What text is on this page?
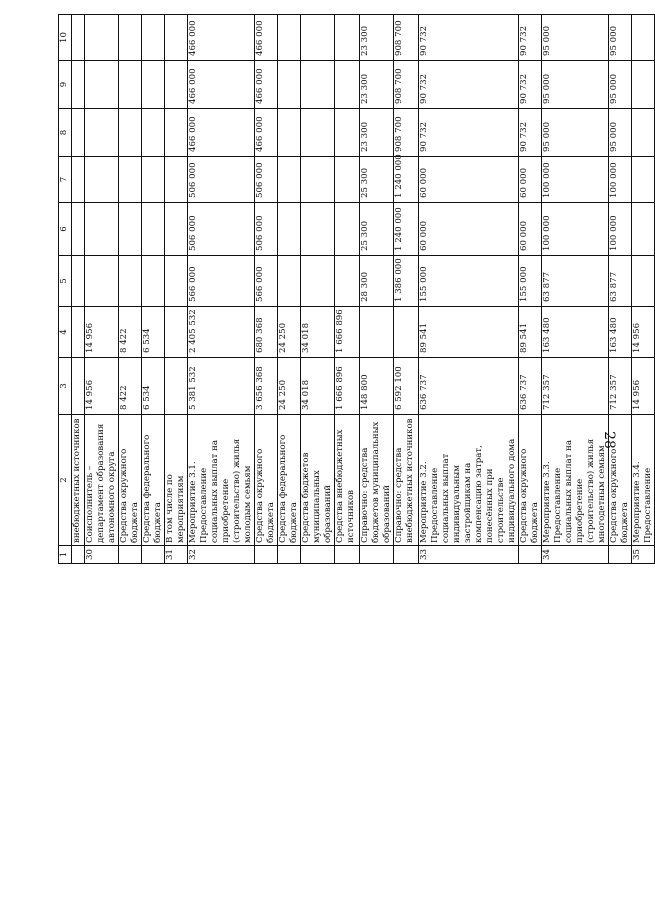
28
1	2	3	4	5	6	7	8	9	10
	внебюджетных источников								
30	Соисполнитель – департамент образования автономного округа	14 956	14 956						
	Средства окружного бюджета	8 422	8 422						
	Средства федерального бюджета	6 534	6 534						
31	В том числе по мероприятиям								
32	Мероприятие 3.1. Предоставление социальных выплат на приобретение (строительство) жилья молодым семьям	5 381 532	2 405 532	566 000	506 000	506 000	466 000	466 000	466 000
	Средства окружного бюджета	3 656 368	680 368	566 000	506 000	506 000	466 000	466 000	466 000
	Средства федерального бюджета	24 250	24 250						
	Средства бюджетов муниципальных образований	34 018	34 018						
	Средства внебюджетных источников	1 666 896	1 666 896						
	Справочно: средства бюджетов муниципальных образований	148 800		28 300	25 300	25 300	23 300	23 300	23 300
	Справочно: средства внебюджетных источников	6 592 100		1 386 000	1 240 000	1 240 000	908 700	908 700	908 700
33	Мероприятие 3.2. Предоставление социальных выплат индивидуальным застройщикам на компенсацию затрат, понесённых при строительстве индивидуального дома	636 737	89 541	155 000	60 000	60 000	90 732	90 732	90 732
	Средства окружного бюджета	636 737	89 541	155 000	60 000	60 000	90 732	90 732	90 732
34	Мероприятие 3.3. Предоставление социальных выплат на приобретение (строительство) жилья многодетным семьям	712 357	163 480	63 877	100 000	100 000	95 000	95 000	95 000
	Средства окружного бюджета	712 357	163 480	63 877	100 000	100 000	95 000	95 000	95 000
35	Мероприятие 3.4. Предоставление	14 956	14 956						
